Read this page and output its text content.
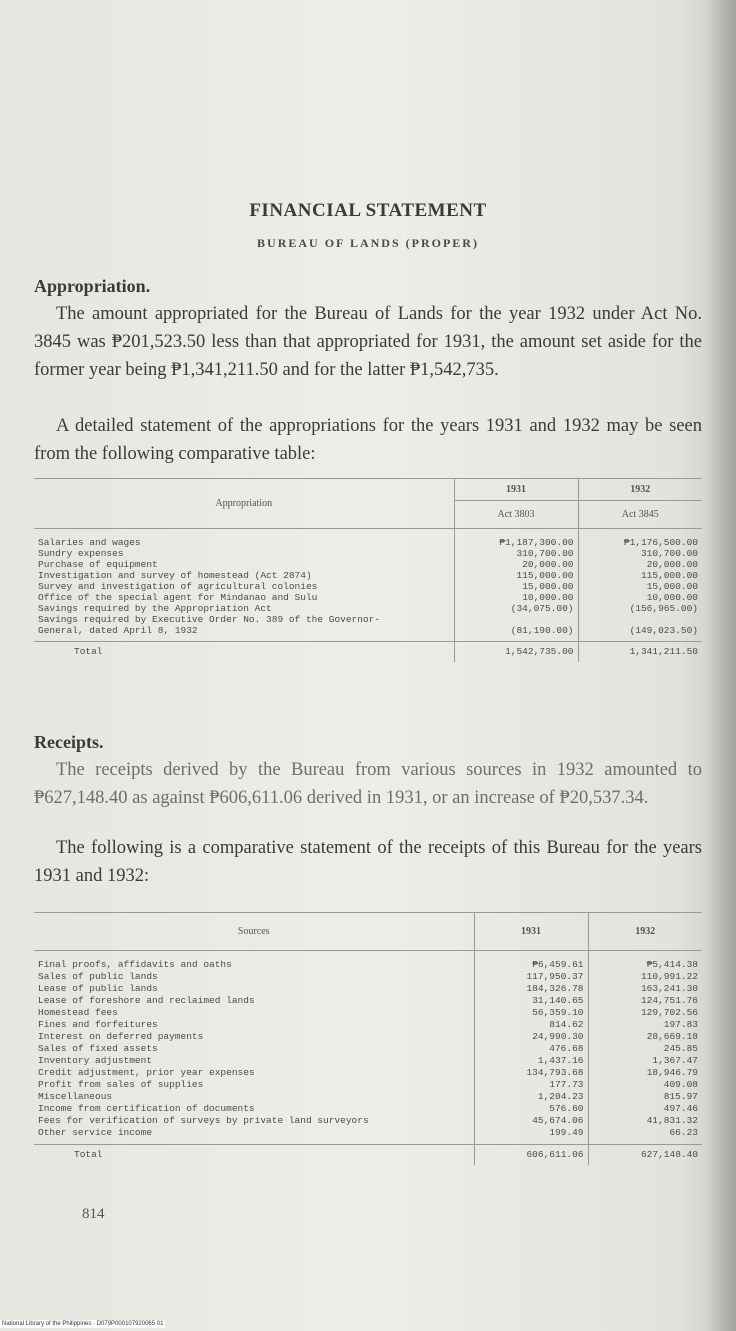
FINANCIAL STATEMENT
BUREAU OF LANDS (PROPER)
Appropriation.

The amount appropriated for the Bureau of Lands for the year 1932 under Act No. 3845 was ₱201,523.50 less than that appropriated for 1931, the amount set aside for the former year being ₱1,341,211.50 and for the latter ₱1,542,735.

A detailed statement of the appropriations for the years 1931 and 1932 may be seen from the following comparative table:

Appropriation	1931	1932
	Act 3803	Act 3845

Salaries and wages	₱1,187,300.00	₱1,176,500.00
Sundry expenses	310,700.00	310,700.00
Purchase of equipment	20,000.00	20,000.00
Investigation and survey of homestead (Act 2874)	115,000.00	115,000.00
Survey and investigation of agricultural colonies	15,000.00	15,000.00
Office of the special agent for Mindanao and Sulu	10,000.00	10,000.00
Savings required by the Appropriation Act	(34,075.00)	(156,965.00)
Savings required by Executive Order No. 389 of the Governor-		
General, dated April 8, 1932	(81,190.00)	(149,023.50)

Total	1,542,735.00	1,341,211.50
Receipts.

The receipts derived by the Bureau from various sources in 1932 amounted to ₱627,148.40 as against ₱606,611.06 derived in 1931, or an increase of ₱20,537.34.

The following is a comparative statement of the receipts of this Bureau for the years 1931 and 1932:

Sources	1931	1932

Final proofs, affidavits and oaths	₱6,459.61	₱5,414.38
Sales of public lands	117,950.37	110,991.22
Lease of public lands	184,326.78	163,241.30
Lease of foreshore and reclaimed lands	31,140.65	124,751.76
Homestead fees	56,359.10	129,702.56
Fines and forfeitures	814.62	197.83
Interest on deferred payments	24,990.30	28,669.18
Sales of fixed assets	476.68	245.85
Inventory adjustment	1,437.16	1,367.47
Credit adjustment, prior year expenses	134,793.68	18,946.79
Profit from sales of supplies	177.73	409.08
Miscellaneous	1,204.23	815.97
Income from certification of documents	576.60	497.46
Fees for verification of surveys by private land surveyors	45,674.06	41,831.32
Other service income	199.49	66.23

Total	606,611.06	627,148.40
814
National Library of the Philippines · D079P000107920065 01
